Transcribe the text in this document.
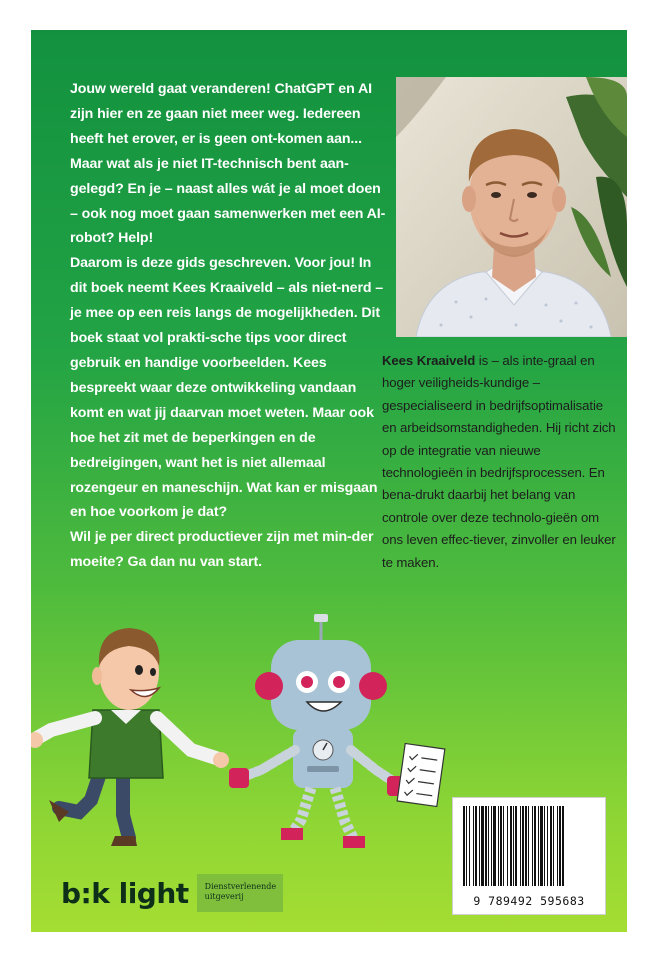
Jouw wereld gaat veranderen! ChatGPT en AI zijn hier en ze gaan niet meer weg. Iedereen heeft het erover, er is geen ont-komen aan...

Maar wat als je niet IT-technisch bent aan-gelegd? En je – naast alles wát je al moet doen – ook nog moet gaan samenwerken met een AI-robot? Help!

Daarom is deze gids geschreven. Voor jou! In dit boek neemt Kees Kraaiveld – als niet-nerd – je mee op een reis langs de mogelijkheden. Dit boek staat vol prakti-sche tips voor direct gebruik en handige voorbeelden. Kees bespreekt waar deze ontwikkeling vandaan komt en wat jij daarvan moet weten. Maar ook hoe het zit met de beperkingen en de bedreigingen, want het is niet allemaal rozengeur en maneschijn. Wat kan er misgaan en hoe voorkom je dat?

Wil je per direct productiever zijn met min-der moeite? Ga dan nu van start.

Kees Kraaiveld is – als inte-graal en hoger veiligheids-kundige – gespecialiseerd in bedrijfsoptimalisatie en arbeidsomstandigheden. Hij richt zich op de integratie van nieuwe technologieën in bedrijfsprocessen. En bena-drukt daarbij het belang van controle over deze technolo-gieën om ons leven effec-tiever, zinvoller en leuker te maken.

9 789492 595683
b:k light	Dienstverlenende uitgeverij
